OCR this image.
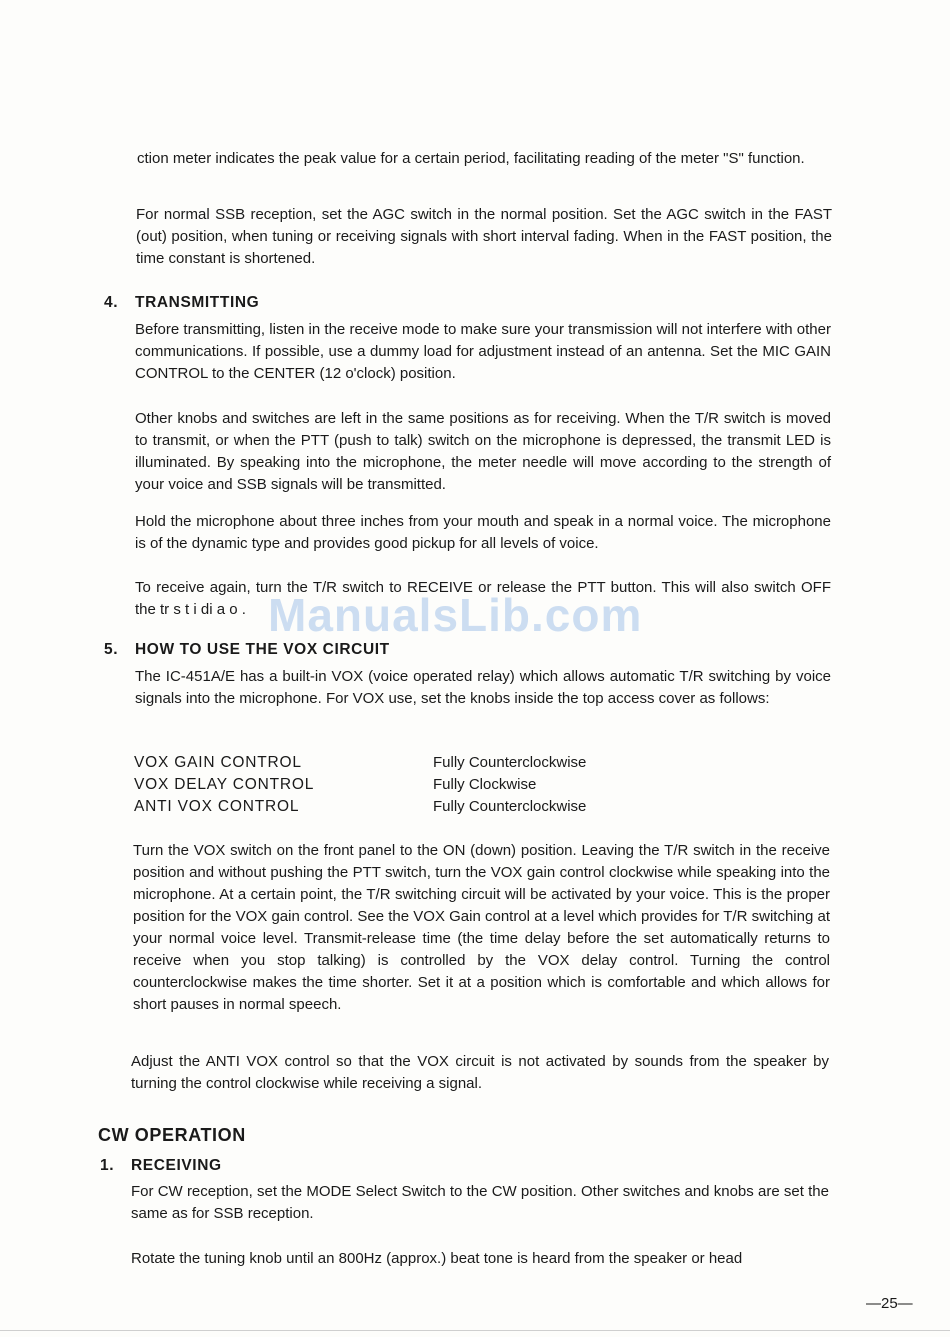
ction meter indicates the peak value for a certain period, facilitating reading of the meter "S" function.

For normal SSB reception, set the AGC switch in the normal position. Set the AGC switch in the FAST (out) position, when tuning or receiving signals with short interval fading. When in the FAST position, the time constant is shortened.

4. TRANSMITTING

Before transmitting, listen in the receive mode to make sure your transmission will not interfere with other communications. If possible, use a dummy load for adjustment instead of an antenna. Set the MIC GAIN CONTROL to the CENTER (12 o'clock) position.

Other knobs and switches are left in the same positions as for receiving. When the T/R switch is moved to transmit, or when the PTT (push to talk) switch on the microphone is depressed, the transmit LED is illuminated. By speaking into the microphone, the meter needle will move according to the strength of your voice and SSB signals will be transmitted.

Hold the microphone about three inches from your mouth and speak in a normal voice. The microphone is of the dynamic type and provides good pickup for all levels of voice.

To receive again, turn the T/R switch to RECEIVE or release the PTT button. This will also switch OFF the tr s t i di a o . ManualsLib.com
5. HOW TO USE THE VOX CIRCUIT

The IC-451A/E has a built-in VOX (voice operated relay) which allows automatic T/R switching by voice signals into the microphone. For VOX use, set the knobs inside the top access cover as follows:

VOX GAIN CONTROL	Fully Counterclockwise
VOX DELAY CONTROL	Fully Clockwise
ANTI VOX CONTROL	Fully Counterclockwise

Turn the VOX switch on the front panel to the ON (down) position. Leaving the T/R switch in the receive position and without pushing the PTT switch, turn the VOX gain control clockwise while speaking into the microphone. At a certain point, the T/R switching circuit will be activated by your voice. This is the proper position for the VOX gain control. See the VOX Gain control at a level which provides for T/R switching at your normal voice level. Transmit-release time (the time delay before the set automatically returns to receive when you stop talking) is controlled by the VOX delay control. Turning the control counterclockwise makes the time shorter. Set it at a position which is comfortable and which allows for short pauses in normal speech.

Adjust the ANTI VOX control so that the VOX circuit is not activated by sounds from the speaker by turning the control clockwise while receiving a signal.

CW OPERATION
1. RECEIVING

For CW reception, set the MODE Select Switch to the CW position. Other switches and knobs are set the same as for SSB reception.

Rotate the tuning knob until an 800Hz (approx.) beat tone is heard from the speaker or head

—25—
